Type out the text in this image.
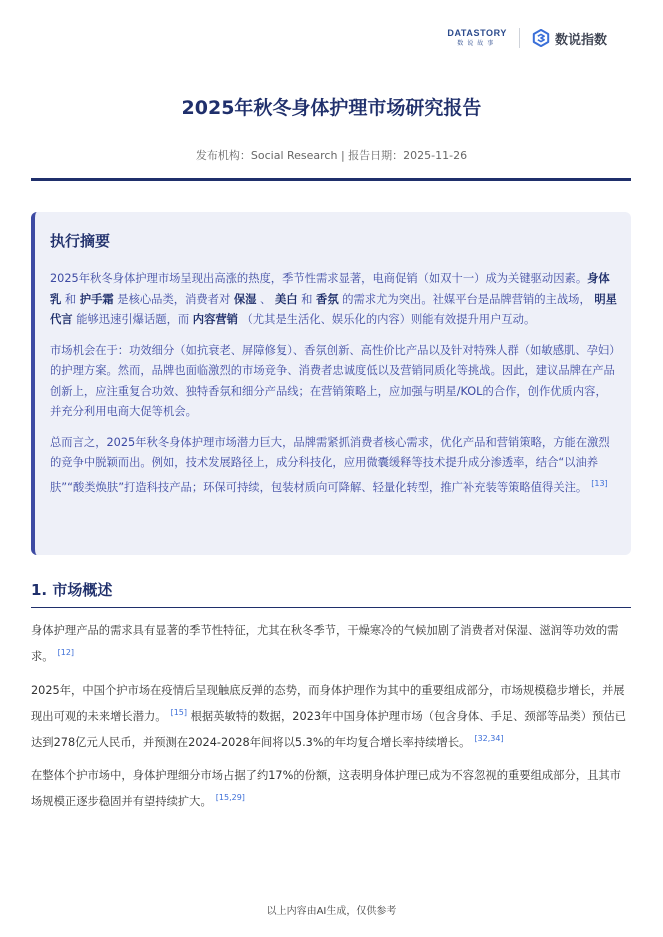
DATASTORY
数说故事	数说指数
2025年秋冬身体护理市场研究报告
发布机构：Social Research | 报告日期：2025-11-26
执行摘要

2025年秋冬身体护理市场呈现出高涨的热度，季节性需求显著，电商促销（如双十一）成为关键驱动因素。身体乳 和 护手霜 是核心品类，消费者对 保湿 、 美白 和 香氛 的需求尤为突出。社媒平台是品牌营销的主战场， 明星代言 能够迅速引爆话题，而 内容营销 （尤其是生活化、娱乐化的内容）则能有效提升用户互动。

市场机会在于：功效细分（如抗衰老、屏障修复）、香氛创新、高性价比产品以及针对特殊人群（如敏感肌、孕妇）的护理方案。然而，品牌也面临激烈的市场竞争、消费者忠诚度低以及营销同质化等挑战。因此，建议品牌在产品创新上，应注重复合功效、独特香氛和细分产品线；在营销策略上，应加强与明星/KOL的合作，创作优质内容，并充分利用电商大促等机会。

总而言之，2025年秋冬身体护理市场潜力巨大，品牌需紧抓消费者核心需求，优化产品和营销策略，方能在激烈的竞争中脱颖而出。例如，技术发展路径上，成分科技化，应用微囊缓释等技术提升成分渗透率，结合“以油养肤”“酸类焕肤”打造科技产品；环保可持续，包装材质向可降解、轻量化转型，推广补充装等策略值得关注。 [13]

1. 市场概述

身体护理产品的需求具有显著的季节性特征，尤其在秋冬季节，干燥寒冷的气候加剧了消费者对保湿、滋润等功效的需求。 [12]

2025年，中国个护市场在疫情后呈现触底反弹的态势，而身体护理作为其中的重要组成部分，市场规模稳步增长，并展现出可观的未来增长潜力。 [15] 根据英敏特的数据，2023年中国身体护理市场（包含身体、手足、颈部等品类）预估已达到278亿元人民币，并预测在2024-2028年间将以5.3%的年均复合增长率持续增长。 [32,34]

在整体个护市场中，身体护理细分市场占据了约17%的份额，这表明身体护理已成为不容忽视的重要组成部分，且其市场规模正逐步稳固并有望持续扩大。 [15,29]

以上内容由AI生成，仅供参考
